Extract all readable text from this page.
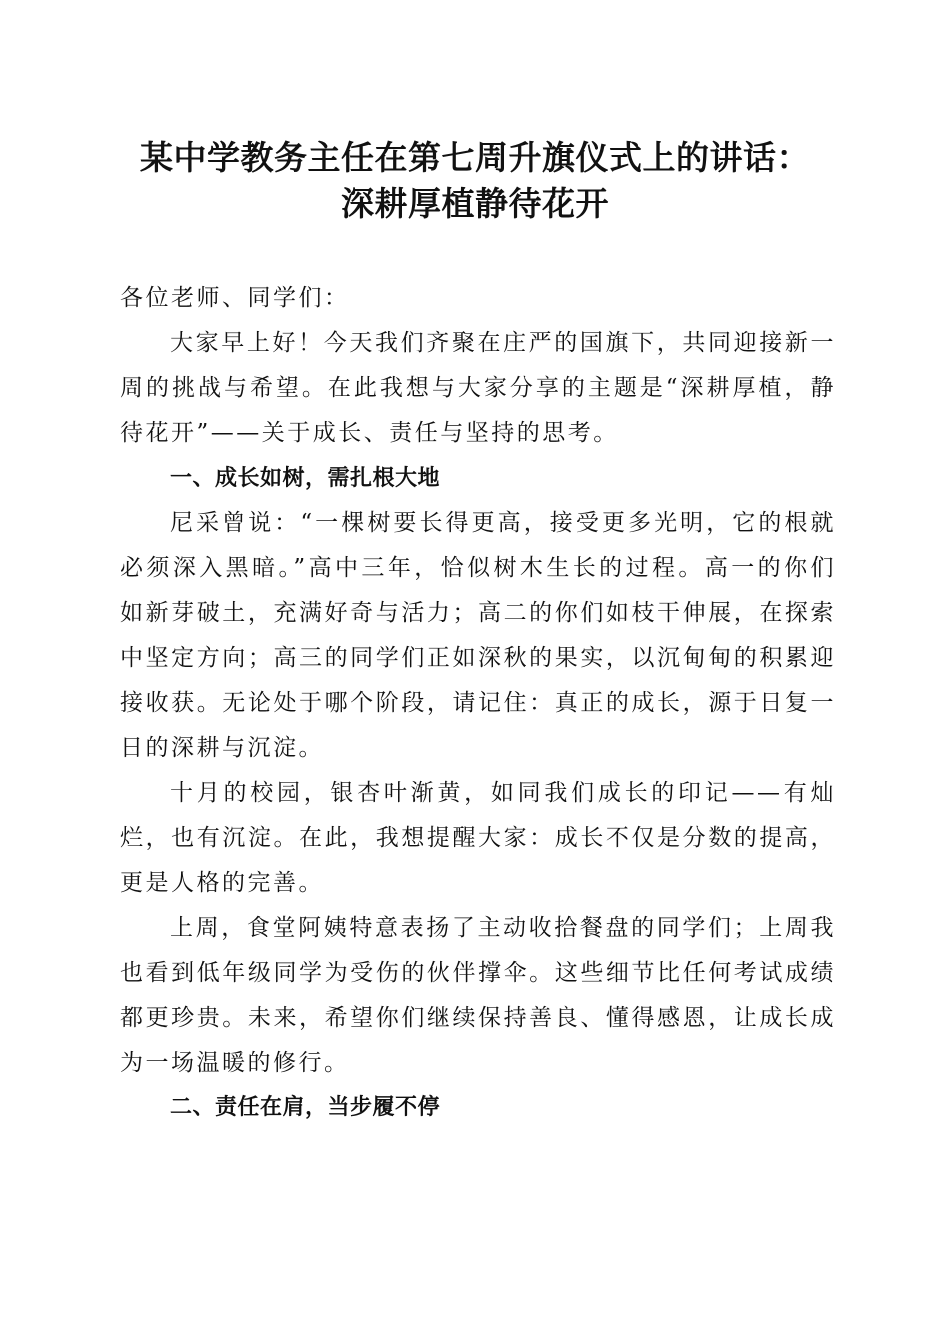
某中学教务主任在第七周升旗仪式上的讲话：
深耕厚植静待花开

各位老师、同学们：

大家早上好！今天我们齐聚在庄严的国旗下，共同迎接新一周的挑战与希望。在此我想与大家分享的主题是“深耕厚植，静待花开”——关于成长、责任与坚持的思考。

一、成长如树，需扎根大地

尼采曾说：“一棵树要长得更高，接受更多光明，它的根就必须深入黑暗。”高中三年，恰似树木生长的过程。高一的你们如新芽破土，充满好奇与活力；高二的你们如枝干伸展，在探索中坚定方向；高三的同学们正如深秋的果实，以沉甸甸的积累迎接收获。无论处于哪个阶段，请记住：真正的成长，源于日复一日的深耕与沉淀。

十月的校园，银杏叶渐黄，如同我们成长的印记——有灿烂，也有沉淀。在此，我想提醒大家：成长不仅是分数的提高，更是人格的完善。

上周，食堂阿姨特意表扬了主动收拾餐盘的同学们；上周我也看到低年级同学为受伤的伙伴撑伞。这些细节比任何考试成绩都更珍贵。未来，希望你们继续保持善良、懂得感恩，让成长成为一场温暖的修行。

二、责任在肩，当步履不停
